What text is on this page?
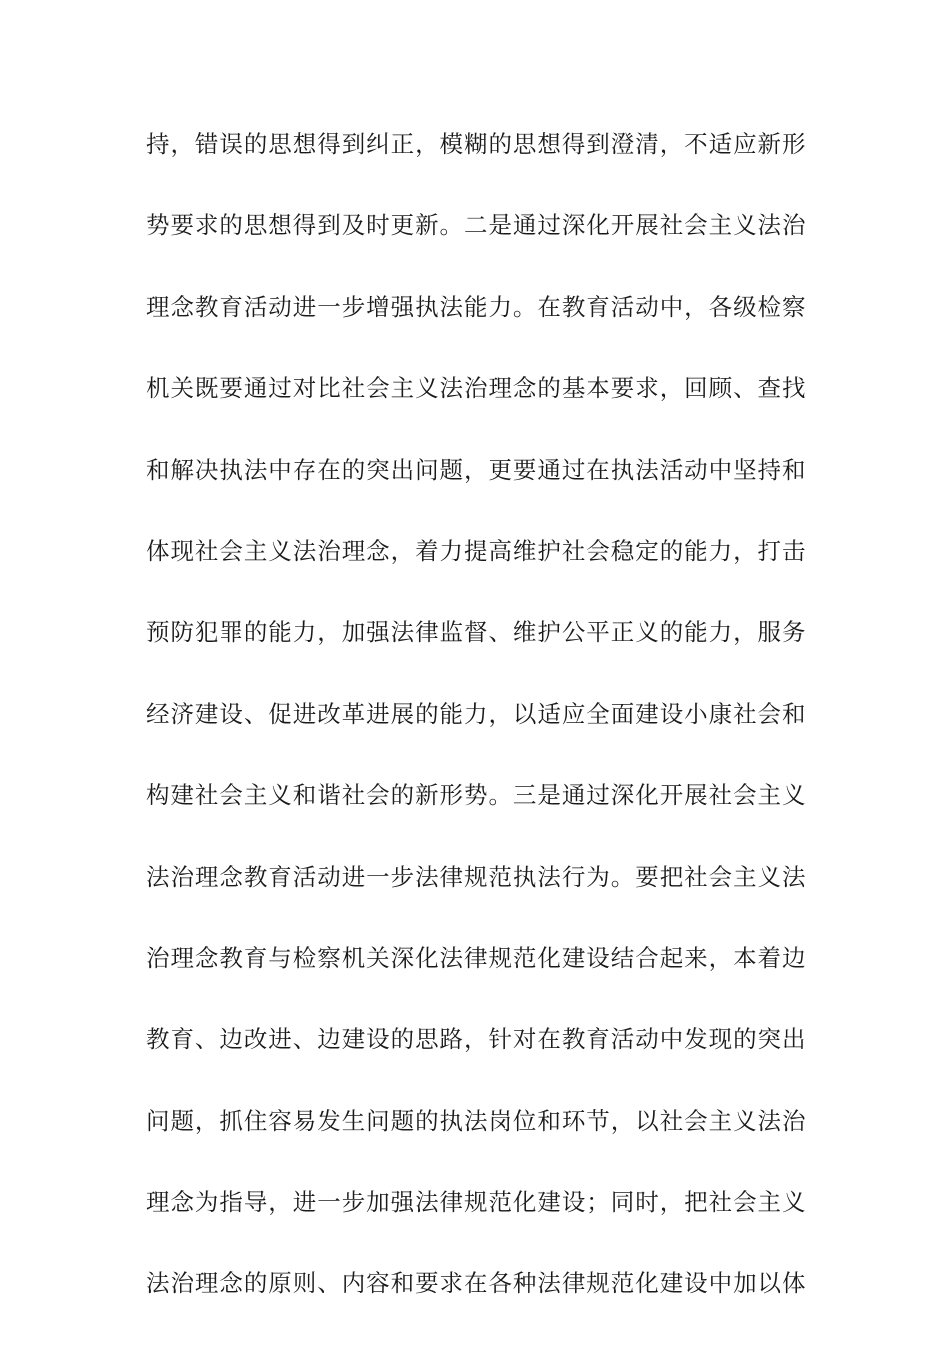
持，错误的思想得到纠正，模糊的思想得到澄清，不适应新形
势要求的思想得到及时更新。二是通过深化开展社会主义法治
理念教育活动进一步增强执法能力。在教育活动中，各级检察
机关既要通过对比社会主义法治理念的基本要求，回顾、查找
和解决执法中存在的突出问题，更要通过在执法活动中坚持和
体现社会主义法治理念，着力提高维护社会稳定的能力，打击
预防犯罪的能力，加强法律监督、维护公平正义的能力，服务
经济建设、促进改革进展的能力，以适应全面建设小康社会和
构建社会主义和谐社会的新形势。三是通过深化开展社会主义
法治理念教育活动进一步法律规范执法行为。要把社会主义法
治理念教育与检察机关深化法律规范化建设结合起来，本着边
教育、边改进、边建设的思路，针对在教育活动中发现的突出
问题，抓住容易发生问题的执法岗位和环节，以社会主义法治
理念为指导，进一步加强法律规范化建设；同时，把社会主义
法治理念的原则、内容和要求在各种法律规范化建设中加以体
